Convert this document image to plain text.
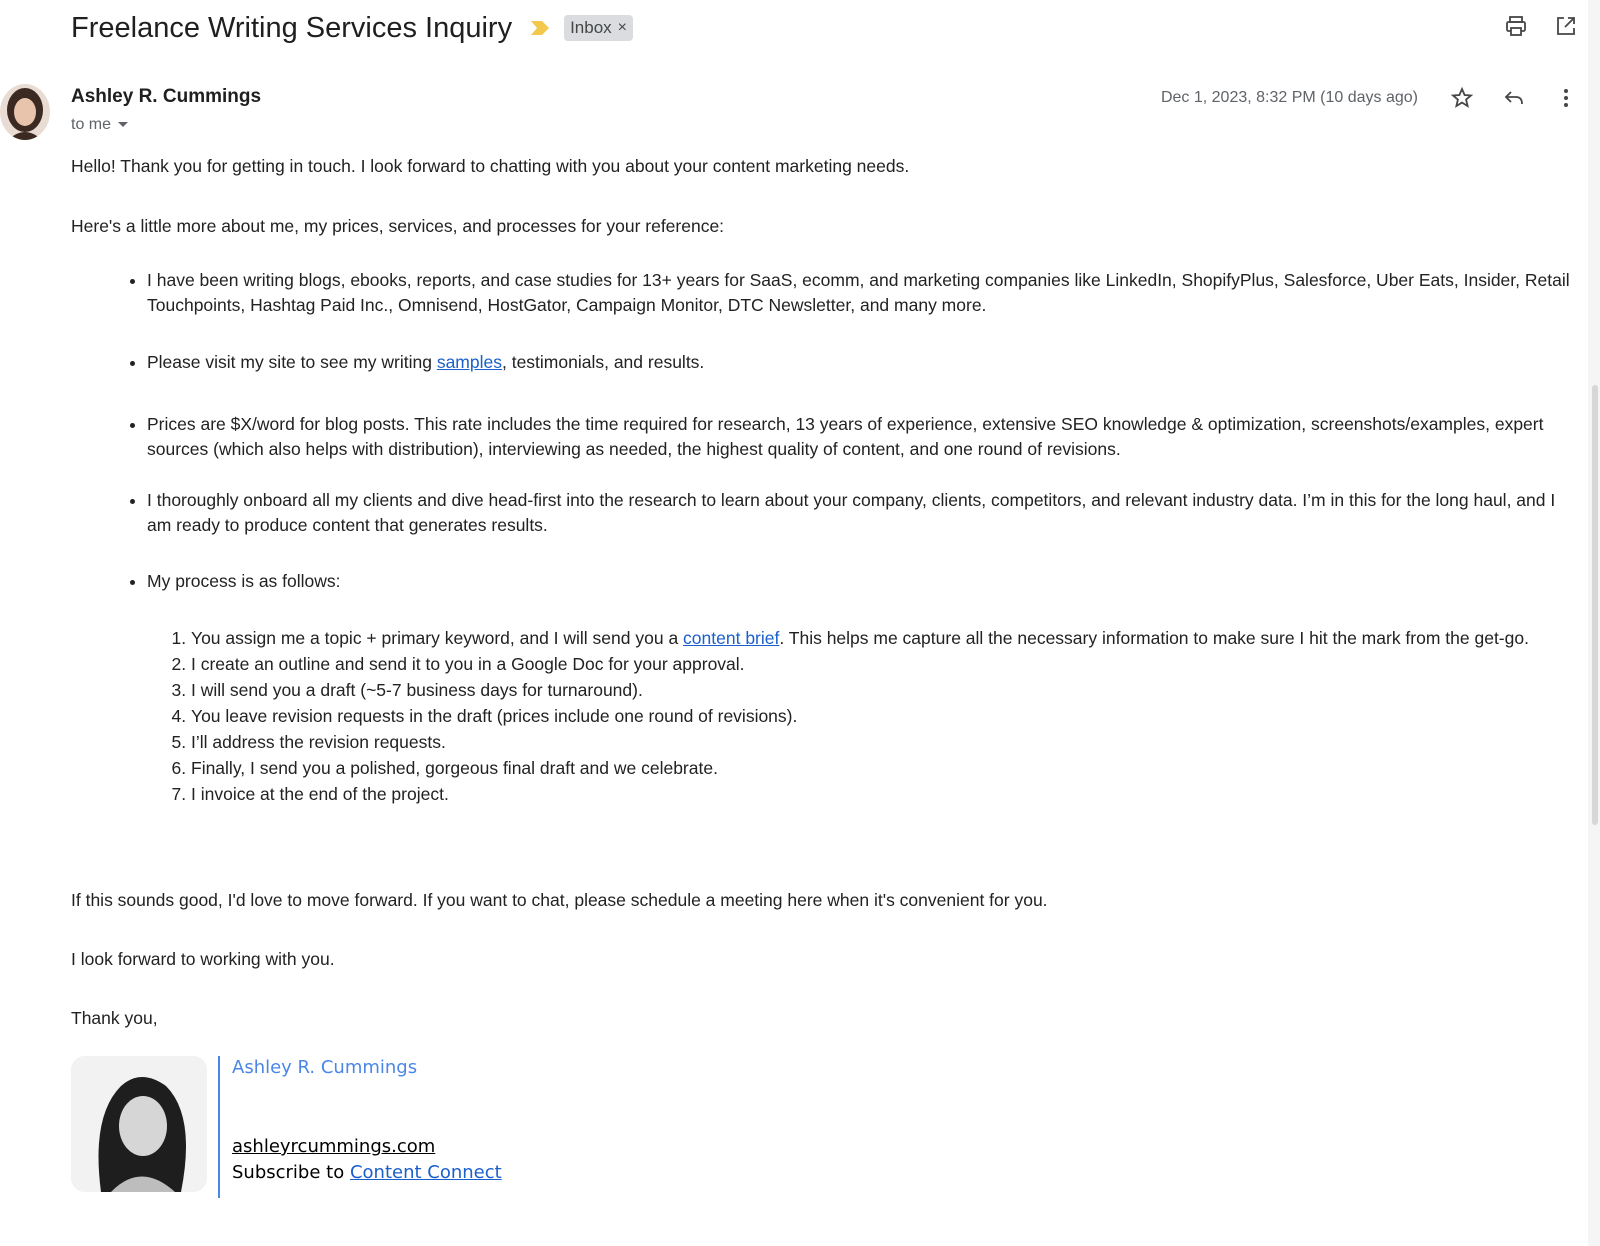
Freelance Writing Services Inquiry	Inbox ×
Ashley R. Cummings
to me
Dec 1, 2023, 8:32 PM (10 days ago)

Hello! Thank you for getting in touch. I look forward to chatting with you about your content marketing needs.

Here's a little more about me, my prices, services, and processes for your reference:

• I have been writing blogs, ebooks, reports, and case studies for 13+ years for SaaS, ecomm, and marketing companies like LinkedIn, ShopifyPlus, Salesforce, Uber Eats, Insider, Retail Touchpoints, Hashtag Paid Inc., Omnisend, HostGator, Campaign Monitor, DTC Newsletter, and many more.
• Please visit my site to see my writing samples, testimonials, and results.
• Prices are $X/word for blog posts. This rate includes the time required for research, 13 years of experience, extensive SEO knowledge & optimization, screenshots/examples, expert sources (which also helps with distribution), interviewing as needed, the highest quality of content, and one round of revisions.
• I thoroughly onboard all my clients and dive head-first into the research to learn about your company, clients, competitors, and relevant industry data. I’m in this for the long haul, and I am ready to produce content that generates results.
• My process is as follows:
1. You assign me a topic + primary keyword, and I will send you a content brief. This helps me capture all the necessary information to make sure I hit the mark from the get-go.
2. I create an outline and send it to you in a Google Doc for your approval.
3. I will send you a draft (~5-7 business days for turnaround).
4. You leave revision requests in the draft (prices include one round of revisions).
5. I’ll address the revision requests.
6. Finally, I send you a polished, gorgeous final draft and we celebrate.
7. I invoice at the end of the project.

If this sounds good, I'd love to move forward. If you want to chat, please schedule a meeting here when it's convenient for you.

I look forward to working with you.

Thank you,

Ashley R. Cummings
ashleyrcummings.com
Subscribe to Content Connect
